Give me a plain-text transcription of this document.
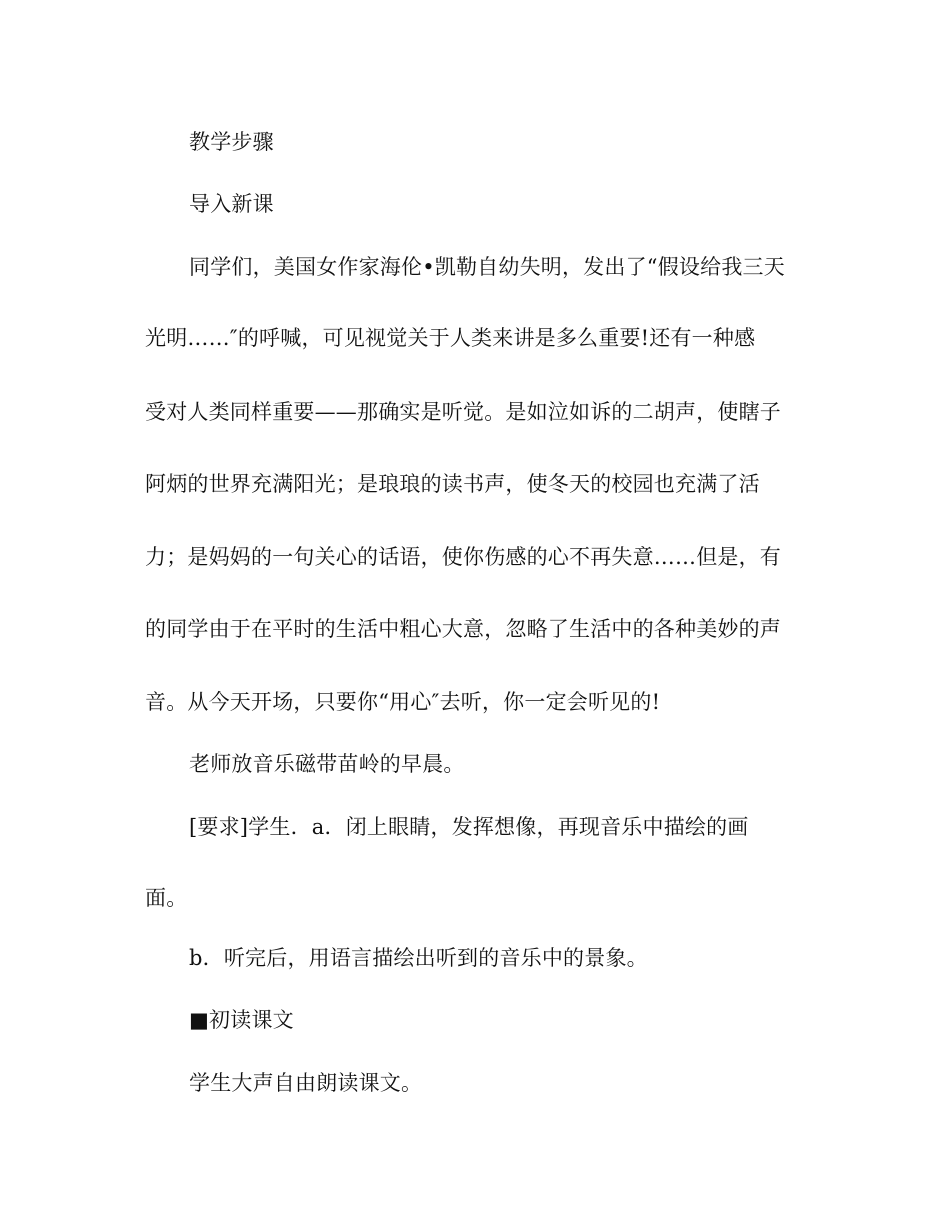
教学步骤
导入新课
同学们，美国女作家海伦•凯勒自幼失明，发出了“假设给我三天
光明……″的呼喊，可见视觉关于人类来讲是多么重要!还有一种感
受对人类同样重要——那确实是听觉。是如泣如诉的二胡声，使瞎子
阿炳的世界充满阳光；是琅琅的读书声，使冬天的校园也充满了活
力；是妈妈的一句关心的话语，使你伤感的心不再失意……但是，有
的同学由于在平时的生活中粗心大意，忽略了生活中的各种美妙的声
音。从今天开场，只要你“用心″去听，你一定会听见的!
老师放音乐磁带苗岭的早晨。
[要求]学生．a．闭上眼睛，发挥想像，再现音乐中描绘的画
面。
b．听完后，用语言描绘出听到的音乐中的景象。
■初读课文
学生大声自由朗读课文。
